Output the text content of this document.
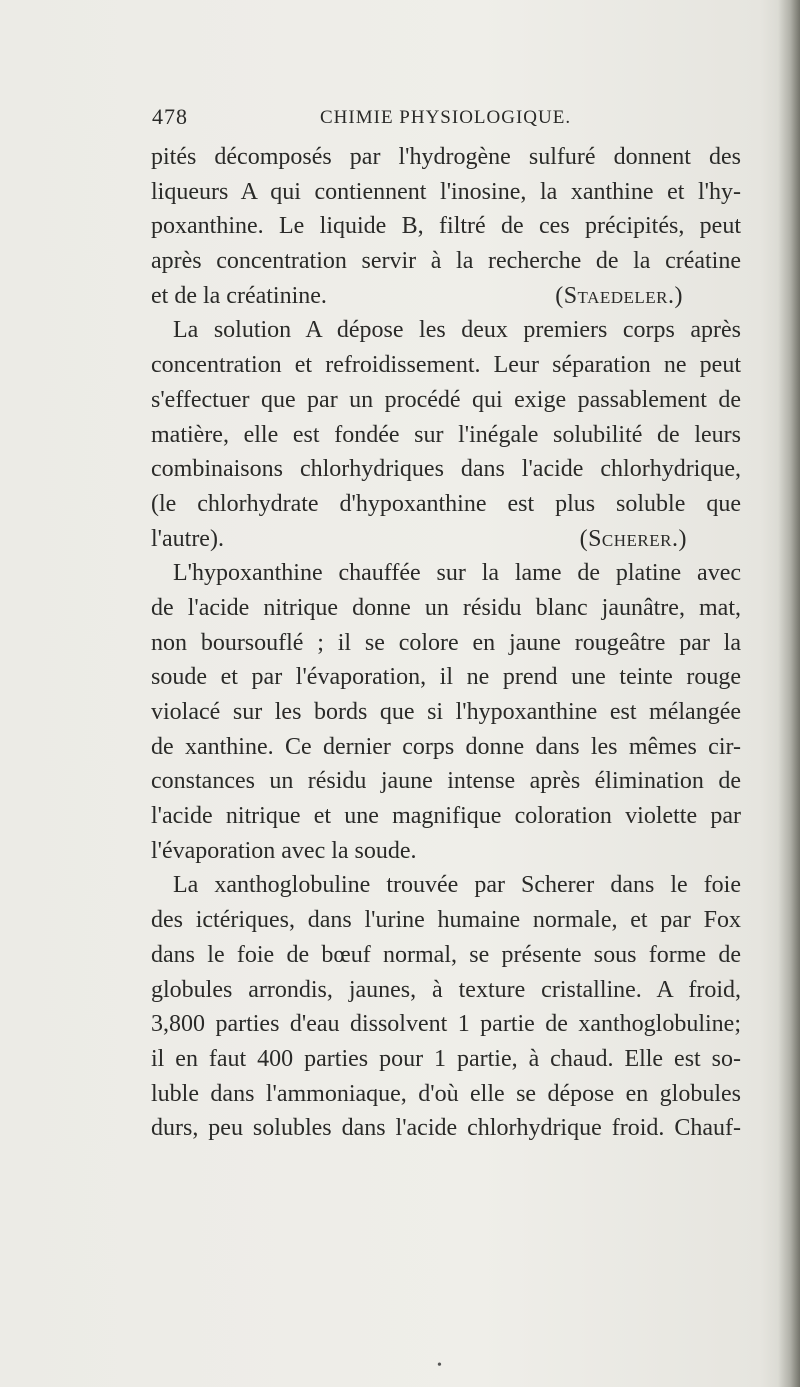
478	CHIMIE PHYSIOLOGIQUE.
pités décomposés par l'hydrogène sulfuré donnent des
liqueurs A qui contiennent l'inosine, la xanthine et l'hy-
poxanthine. Le liquide B, filtré de ces précipités, peut
après concentration servir à la recherche de la créatine
et de la créatinine.	(Staedeler.)
La solution A dépose les deux premiers corps après
concentration et refroidissement. Leur séparation ne peut
s'effectuer que par un procédé qui exige passablement de
matière, elle est fondée sur l'inégale solubilité de leurs
combinaisons chlorhydriques dans l'acide chlorhydrique,
(le chlorhydrate d'hypoxanthine est plus soluble que
l'autre).	(Scherer.)
L'hypoxanthine chauffée sur la lame de platine avec
de l'acide nitrique donne un résidu blanc jaunâtre, mat,
non boursouflé ; il se colore en jaune rougeâtre par la
soude et par l'évaporation, il ne prend une teinte rouge
violacé sur les bords que si l'hypoxanthine est mélangée
de xanthine. Ce dernier corps donne dans les mêmes cir-
constances un résidu jaune intense après élimination de
l'acide nitrique et une magnifique coloration violette par
l'évaporation avec la soude.
La xanthoglobuline trouvée par Scherer dans le foie
des ictériques, dans l'urine humaine normale, et par Fox
dans le foie de bœuf normal, se présente sous forme de
globules arrondis, jaunes, à texture cristalline. A froid,
3,800 parties d'eau dissolvent 1 partie de xanthoglobuline;
il en faut 400 parties pour 1 partie, à chaud. Elle est so-
luble dans l'ammoniaque, d'où elle se dépose en globules
durs, peu solubles dans l'acide chlorhydrique froid. Chauf-
•
